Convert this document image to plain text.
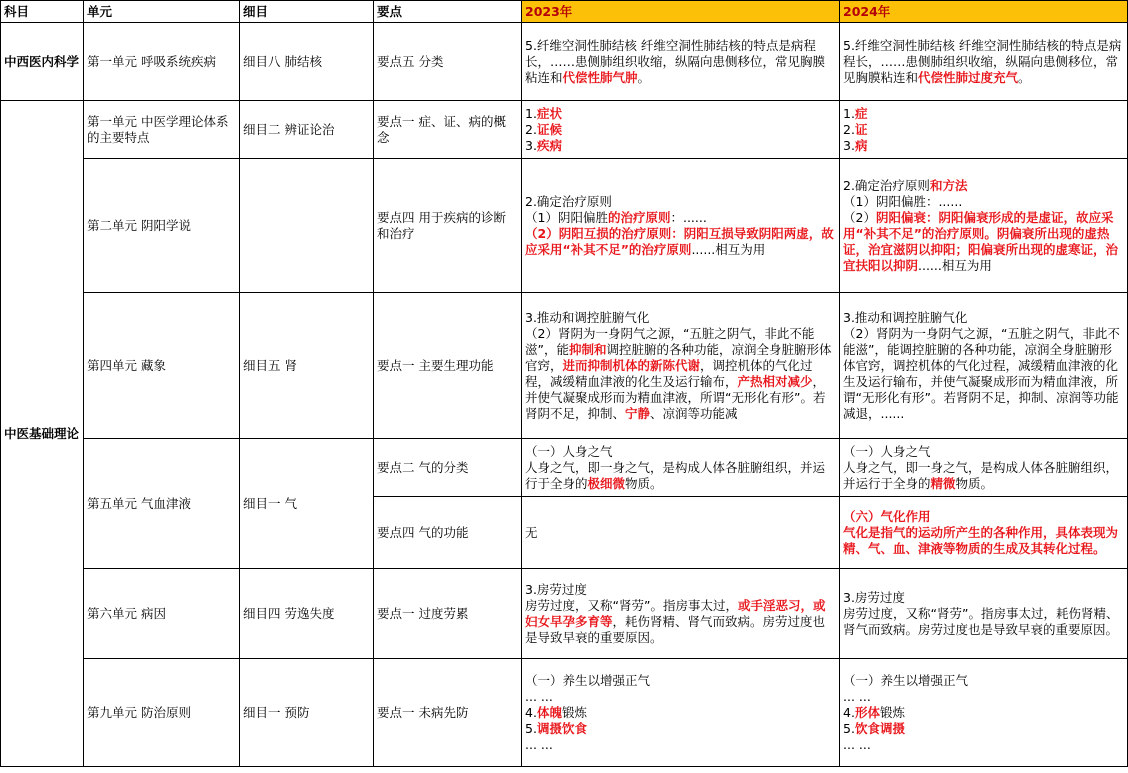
科目	单元	细目	要点	2023年	2024年
中西医内科学	第一单元 呼吸系统疾病	细目八 肺结核	要点五 分类	5.纤维空洞性肺结核 纤维空洞性肺结核的特点是病程长，……患侧肺组织收缩，纵隔向患侧移位，常见胸膜粘连和代偿性肺气肿。	5.纤维空洞性肺结核 纤维空洞性肺结核的特点是病程长，……患侧肺组织收缩，纵隔向患侧移位，常见胸膜粘连和代偿性肺过度充气。

中医基础理论	第一单元 中医学理论体系的主要特点	细目二 辨证论治	要点一 症、证、病的概念	1.症状
2.证候
3.疾病	1.症
2.证
3.病

	第二单元 阴阳学说		要点四 用于疾病的诊断和治疗	2.确定治疗原则
（1）阴阳偏胜的治疗原则：......
（2）阴阳互损的治疗原则：阴阳互损导致阴阳两虚，故应采用“补其不足”的治疗原则......相互为用	2.确定治疗原则和方法
（1）阴阳偏胜：......
（2）阴阳偏衰：阴阳偏衰形成的是虚证，故应采用“补其不足”的治疗原则。阴偏衰所出现的虚热证，治宜滋阴以抑阳；阳偏衰所出现的虚寒证，治宜扶阳以抑阴......相互为用

	第四单元 藏象	细目五 肾	要点一 主要生理功能	3.推动和调控脏腑气化
（2）肾阴为一身阴气之源，“五脏之阴气，非此不能滋”，能抑制和调控脏腑的各种功能，凉润全身脏腑形体官窍，进而抑制机体的新陈代谢，调控机体的气化过程，减缓精血津液的化生及运行输布，产热相对减少，并使气凝聚成形而为精血津液，所谓“无形化有形”。若肾阴不足，抑制、宁静、凉润等功能减	3.推动和调控脏腑气化
（2）肾阴为一身阴气之源，“五脏之阴气，非此不能滋”，能调控脏腑的各种功能，凉润全身脏腑形体官窍，调控机体的气化过程，减缓精血津液的化生及运行输布，并使气凝聚成形而为精血津液，所谓“无形化有形”。若肾阴不足，抑制、凉润等功能减退，......

	第五单元 气血津液	细目一 气	要点二 气的分类	（一）人身之气
人身之气，即一身之气，是构成人体各脏腑组织，并运行于全身的极细微物质。	（一）人身之气
人身之气，即一身之气，是构成人体各脏腑组织，并运行于全身的精微物质。

			要点四 气的功能	无	（六）气化作用
气化是指气的运动所产生的各种作用，具体表现为精、气、血、津液等物质的生成及其转化过程。

	第六单元 病因	细目四 劳逸失度	要点一 过度劳累	3.房劳过度
房劳过度，又称“肾劳”。指房事太过，或手淫恶习，或妇女早孕多育等，耗伤肾精、肾气而致病。房劳过度也是导致早衰的重要原因。	3.房劳过度
房劳过度，又称“肾劳”。指房事太过，耗伤肾精、肾气而致病。房劳过度也是导致早衰的重要原因。

	第九单元 防治原则	细目一 预防	要点一 未病先防	（一）养生以增强正气
... ...
4.体魄锻炼
5.调摄饮食
... ...	（一）养生以增强正气
... ...
4.形体锻炼
5.饮食调摄
... ...
